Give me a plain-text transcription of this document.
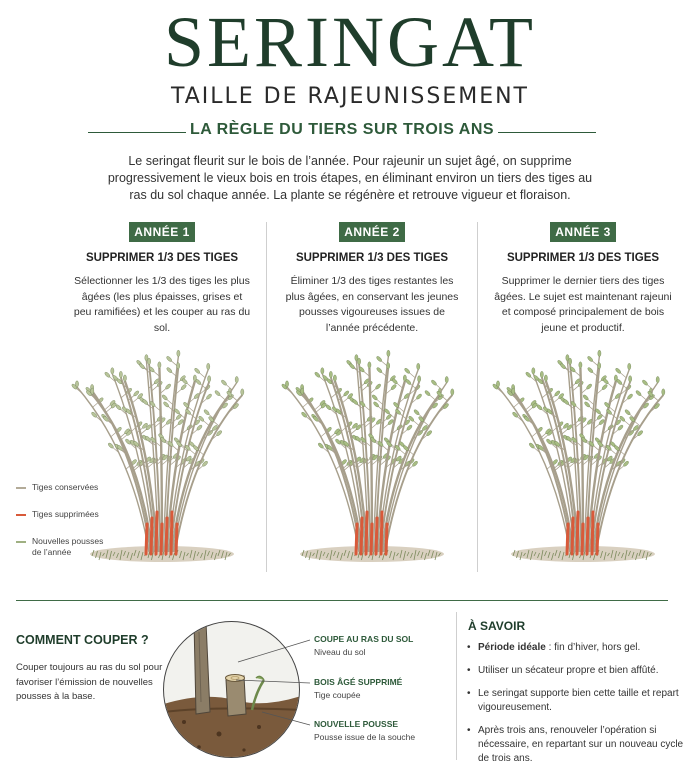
SERINGAT
TAILLE DE RAJEUNISSEMENT
LA RÈGLE DU TIERS SUR TROIS ANS
Le seringat fleurit sur le bois de l’année. Pour rajeunir un sujet âgé, on supprime progressivement le vieux bois en trois étapes, en éliminant environ un tiers des tiges au ras du sol chaque année. La plante se régénère et retrouve vigueur et floraison.
ANNÉE 1
SUPPRIMER 1/3 DES TIGES

Sélectionner les 1/3 des tiges les plus âgées (les plus épaisses, grises et peu ramifiées) et les couper au ras du sol.

ANNÉE 2
SUPPRIMER 1/3 DES TIGES

Éliminer 1/3 des tiges restantes les plus âgées, en conservant les jeunes pousses vigoureuses issues de l’année précédente.

ANNÉE 3
SUPPRIMER 1/3 DES TIGES

Supprimer le dernier tiers des tiges âgées. Le sujet est maintenant rajeuni et composé principalement de bois jeune et productif.

Tiges conservées
Tiges supprimées
Nouvelles pousses de l’année
COMMENT COUPER ?
Couper toujours au ras du sol pour favoriser l’émission de nouvelles pousses à la base.
COUPE AU RAS DU SOL
Niveau du sol
BOIS ÂGÉ SUPPRIMÉ
Tige coupée
NOUVELLE POUSSE
Pousse issue de la souche
À SAVOIR
• Période idéale : fin d’hiver, hors gel.
• Utiliser un sécateur propre et bien affûté.
• Le seringat supporte bien cette taille et repart vigoureusement.
• Après trois ans, renouveler l’opération si nécessaire, en repartant sur un nouveau cycle de trois ans.
